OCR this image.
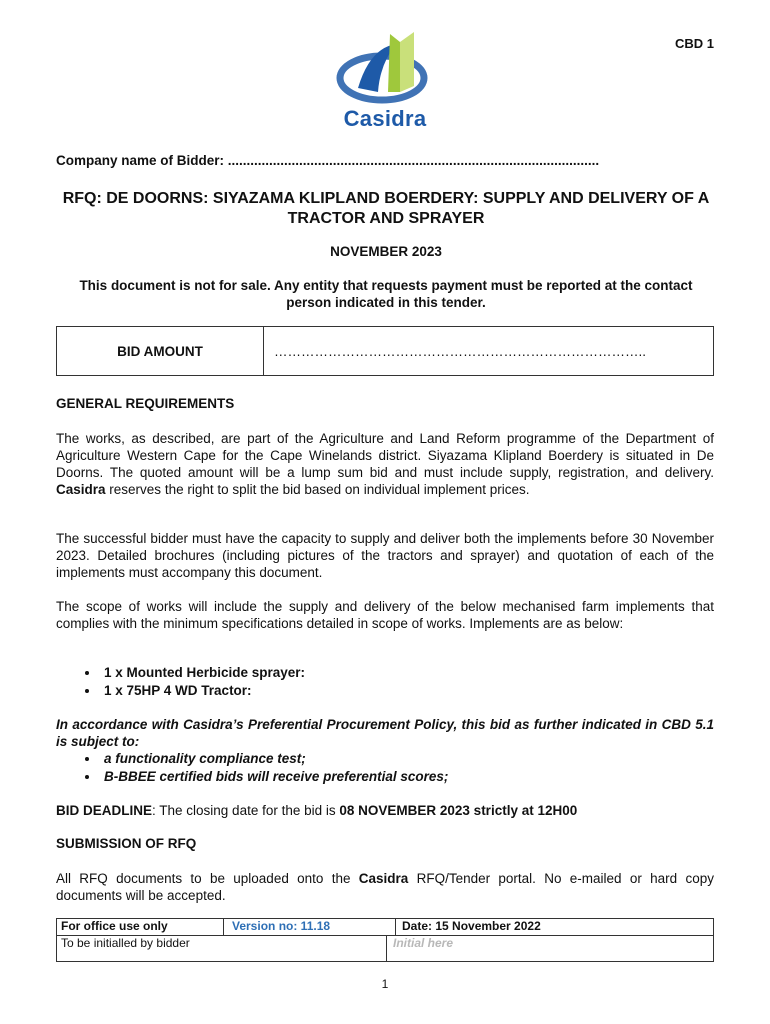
CBD 1
Casidra
Company name of Bidder: ...................................................................................................
RFQ: DE DOORNS: SIYAZAMA KLIPLAND BOERDERY: SUPPLY AND DELIVERY OF A TRACTOR AND SPRAYER
NOVEMBER 2023
This document is not for sale. Any entity that requests payment must be reported at the contact person indicated in this tender.
BID AMOUNT	………………………………………………………………………..
GENERAL REQUIREMENTS
The works, as described, are part of the Agriculture and Land Reform programme of the Department of Agriculture Western Cape for the Cape Winelands district. Siyazama Klipland Boerdery is situated in De Doorns. The quoted amount will be a lump sum bid and must include supply, registration, and delivery. Casidra reserves the right to split the bid based on individual implement prices.
The successful bidder must have the capacity to supply and deliver both the implements before 30 November 2023. Detailed brochures (including pictures of the tractors and sprayer) and quotation of each of the implements must accompany this document.
The scope of works will include the supply and delivery of the below mechanised farm implements that complies with the minimum specifications detailed in scope of works. Implements are as below:
• 1 x Mounted Herbicide sprayer:
• 1 x 75HP 4 WD Tractor:
In accordance with Casidra’s Preferential Procurement Policy, this bid as further indicated in CBD 5.1 is subject to:
• a functionality compliance test;
• B-BBEE certified bids will receive preferential scores;
BID DEADLINE: The closing date for the bid is 08 NOVEMBER 2023 strictly at 12H00
SUBMISSION OF RFQ
All RFQ documents to be uploaded onto the Casidra RFQ/Tender portal. No e-mailed or hard copy documents will be accepted.
For office use only	Version no: 11.18	Date: 15 November 2022
To be initialled by bidder	Initial here
1
